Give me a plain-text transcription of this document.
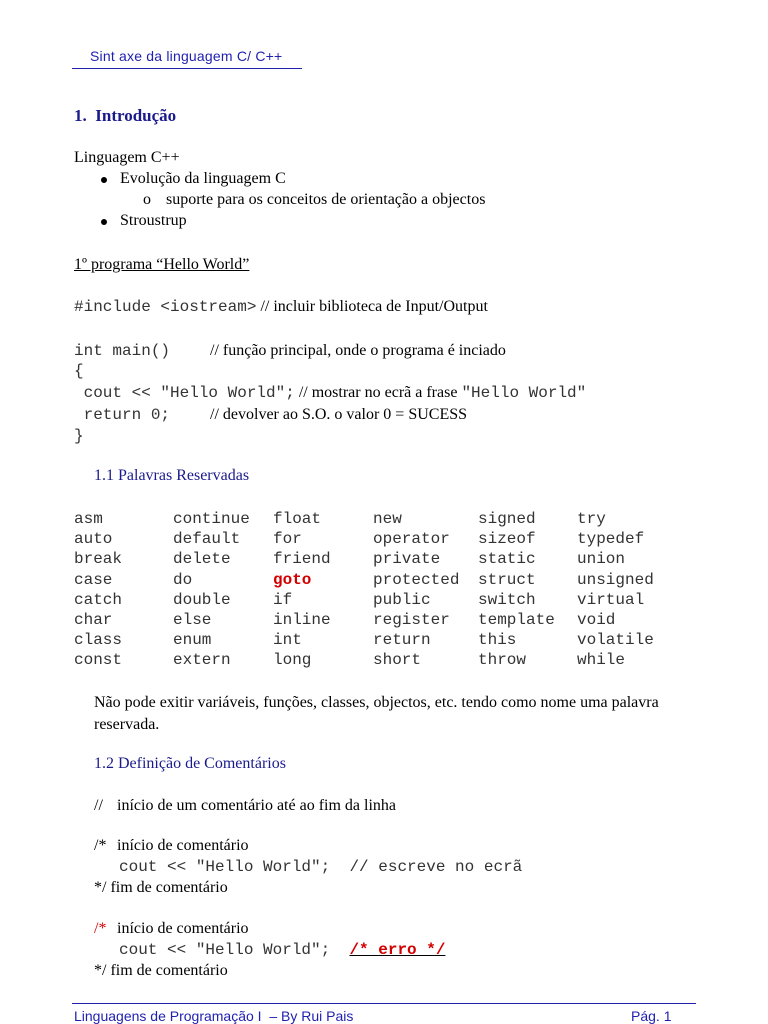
Sint axe da linguagem C/ C++
1.  Introdução
Linguagem C++
Evolução da linguagem C
o suporte para os conceitos de orientação a objectos
Stroustrup
1º programa “Hello World”
#include <iostream> // incluir biblioteca de Input/Output
int main() // função principal, onde o programa é inciado
{
cout << "Hello World"; // mostrar no ecrã a frase "Hello World"
return 0; // devolver ao S.O. o valor 0 = SUCESS
}
1.1 Palavras Reservadas
asm
auto
break
case
catch
char
class
const
continue
default
delete
do
double
else
enum
extern
float
for
friend
goto
if
inline
int
long
new
operator
private
protected
public
register
return
short
signed
sizeof
static
struct
switch
template
this
throw
try
typedef
union
unsigned
virtual
void
volatile
while
Não pode exitir variáveis, funções, classes, objectos, etc. tendo como nome uma palavra reservada.
1.2 Definição de Comentários
// início de um comentário até ao fim da linha
/* início de comentário
cout << "Hello World";  // escreve no ecrã
*/ fim de comentário
/* início de comentário
cout << "Hello World";  /* erro */
*/ fim de comentário
Linguagens de Programação I  – By Rui Pais	Pág. 1
